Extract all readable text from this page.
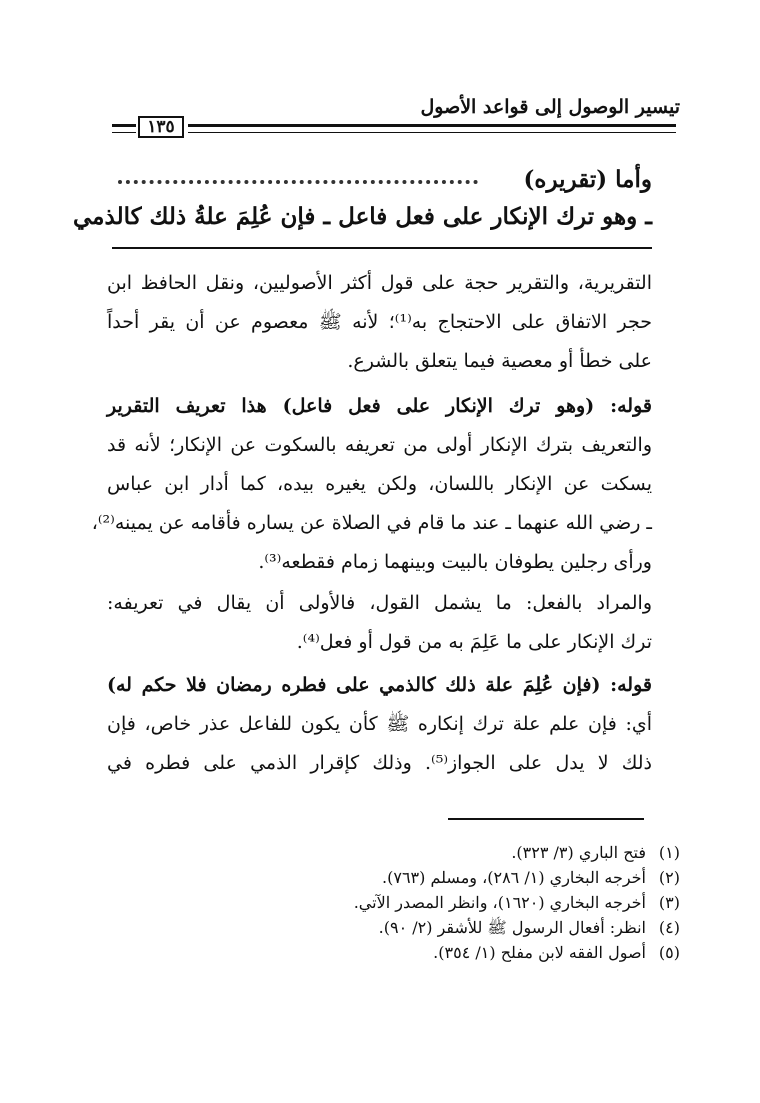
تيسير الوصول إلى قواعد الأصول
١٣٥
وأما (تقريره)
ـ وهو ترك الإنكار على فعل فاعل ـ فإن عُلِمَ علةُ ذلك كالذمي
التقريرية، والتقرير حجة على قول أكثر الأصوليين، ونقل الحافظ ابن
حجر الاتفاق على الاحتجاج به⁽¹⁾؛ لأنه ﷺ معصوم عن أن يقر أحداً
على خطأ أو معصية فيما يتعلق بالشرع.
قوله: (وهو ترك الإنكار على فعل فاعل) هذا تعريف التقرير
والتعريف بترك الإنكار أولى من تعريفه بالسكوت عن الإنكار؛ لأنه قد
يسكت عن الإنكار باللسان، ولكن يغيره بيده، كما أدار ابن عباس
ـ رضي الله عنهما ـ عند ما قام في الصلاة عن يساره فأقامه عن يمينه⁽²⁾،
ورأى رجلين يطوفان بالبيت وبينهما زمام فقطعه⁽³⁾.
والمراد بالفعل: ما يشمل القول، فالأولى أن يقال في تعريفه:
ترك الإنكار على ما عَلِمَ به من قول أو فعل⁽⁴⁾.
قوله: (فإن عُلِمَ علة ذلك كالذمي على فطره رمضان فلا حكم له)
أي: فإن علم علة ترك إنكاره ﷺ كأن يكون للفاعل عذر خاص، فإن
ذلك لا يدل على الجواز⁽⁵⁾. وذلك كإقرار الذمي على فطره في
(١)
فتح الباري (٣/ ٣٢٣).
(٢)
أخرجه البخاري (١/ ٢٨٦)، ومسلم (٧٦٣).
(٣)
أخرجه البخاري (١٦٢٠)، وانظر المصدر الآتي.
(٤)
انظر: أفعال الرسول ﷺ للأشقر (٢/ ٩٠).
(٥)
أصول الفقه لابن مفلح (١/ ٣٥٤).
